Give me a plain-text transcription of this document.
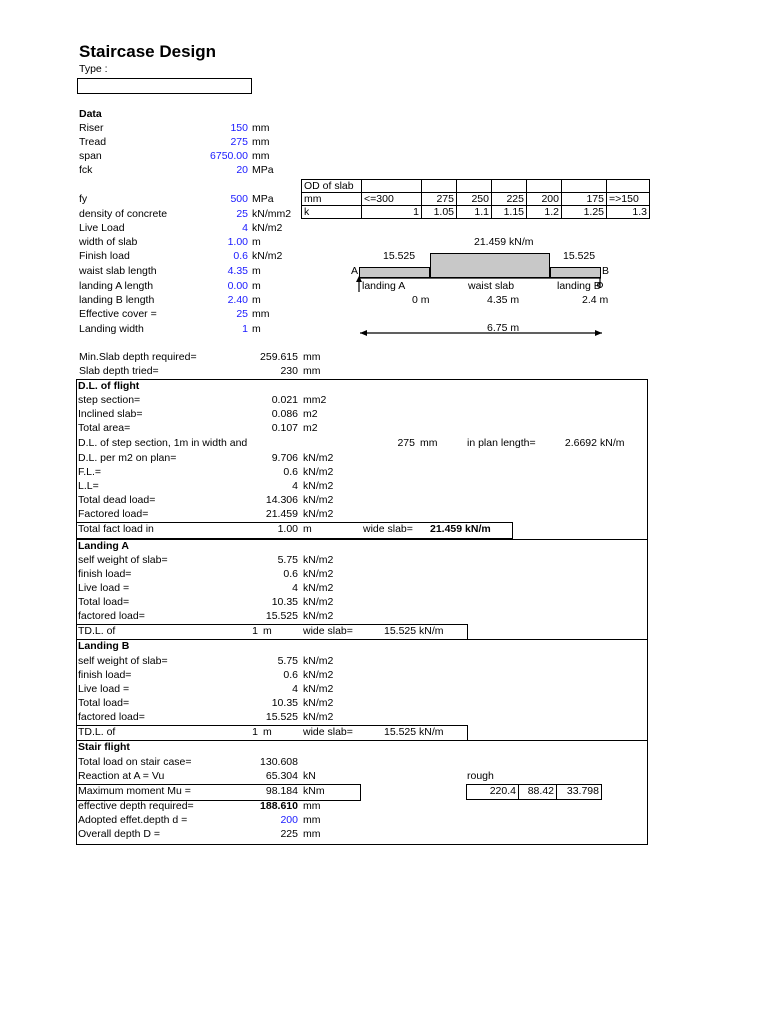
Staircase Design
Type :
Data
Riser	150 mm
Tread	275 mm
span	6750.00 mm
fck	20 MPa
fy	500 MPa
density of concrete	25 kN/mm2
Live Load	4 kN/m2
width of slab	1.00 m
Finish load	0.6 kN/m2
waist slab length	4.35 m
landing A length	0.00 m
landing B length	2.40 m
Effective cover =	25 mm
Landing width	1 m
OD of slab							
mm	<=300	275	250	225	200	175	=>150
k	1	1.05	1.1	1.15	1.2	1.25	1.3
21.459 kN/m
15.525	15.525
A	B
landing A	waist slab	landing B
0 m	4.35 m	2.4 m
6.75 m
Min.Slab depth required=	259.615 mm
Slab depth tried=	230 mm
D.L. of flight
step section=	0.021 mm2
Inclined slab=	0.086 m2
Total area=	0.107 m2
D.L. of step section, 1m in width and	275 mm	in plan length=	2.6692 kN/m
D.L. per m2 on plan=	9.706 kN/m2
F.L.=	0.6 kN/m2
L.L=	4 kN/m2
Total dead load=	14.306 kN/m2
Factored load=	21.459 kN/m2
Total fact load in	1.00 m	wide slab= 21.459 kN/m
Landing A
self weight of slab=	5.75 kN/m2
finish load=	0.6 kN/m2
Live load =	4 kN/m2
Total load=	10.35 kN/m2
factored load=	15.525 kN/m2
TD.L. of	1 m	wide slab=	15.525 kN/m
Landing B
self weight of slab=	5.75 kN/m2
finish load=	0.6 kN/m2
Live load =	4 kN/m2
Total load=	10.35 kN/m2
factored load=	15.525 kN/m2
TD.L. of	1 m	wide slab=	15.525 kN/m
Stair flight
Total load on stair case=	130.608
Reaction at A = Vu	65.304 kN	rough
Maximum moment Mu =	98.184 kNm	220.4	88.42	33.798
effective depth required=	188.610 mm
Adopted effet.depth d =	200 mm
Overall depth D =	225 mm
